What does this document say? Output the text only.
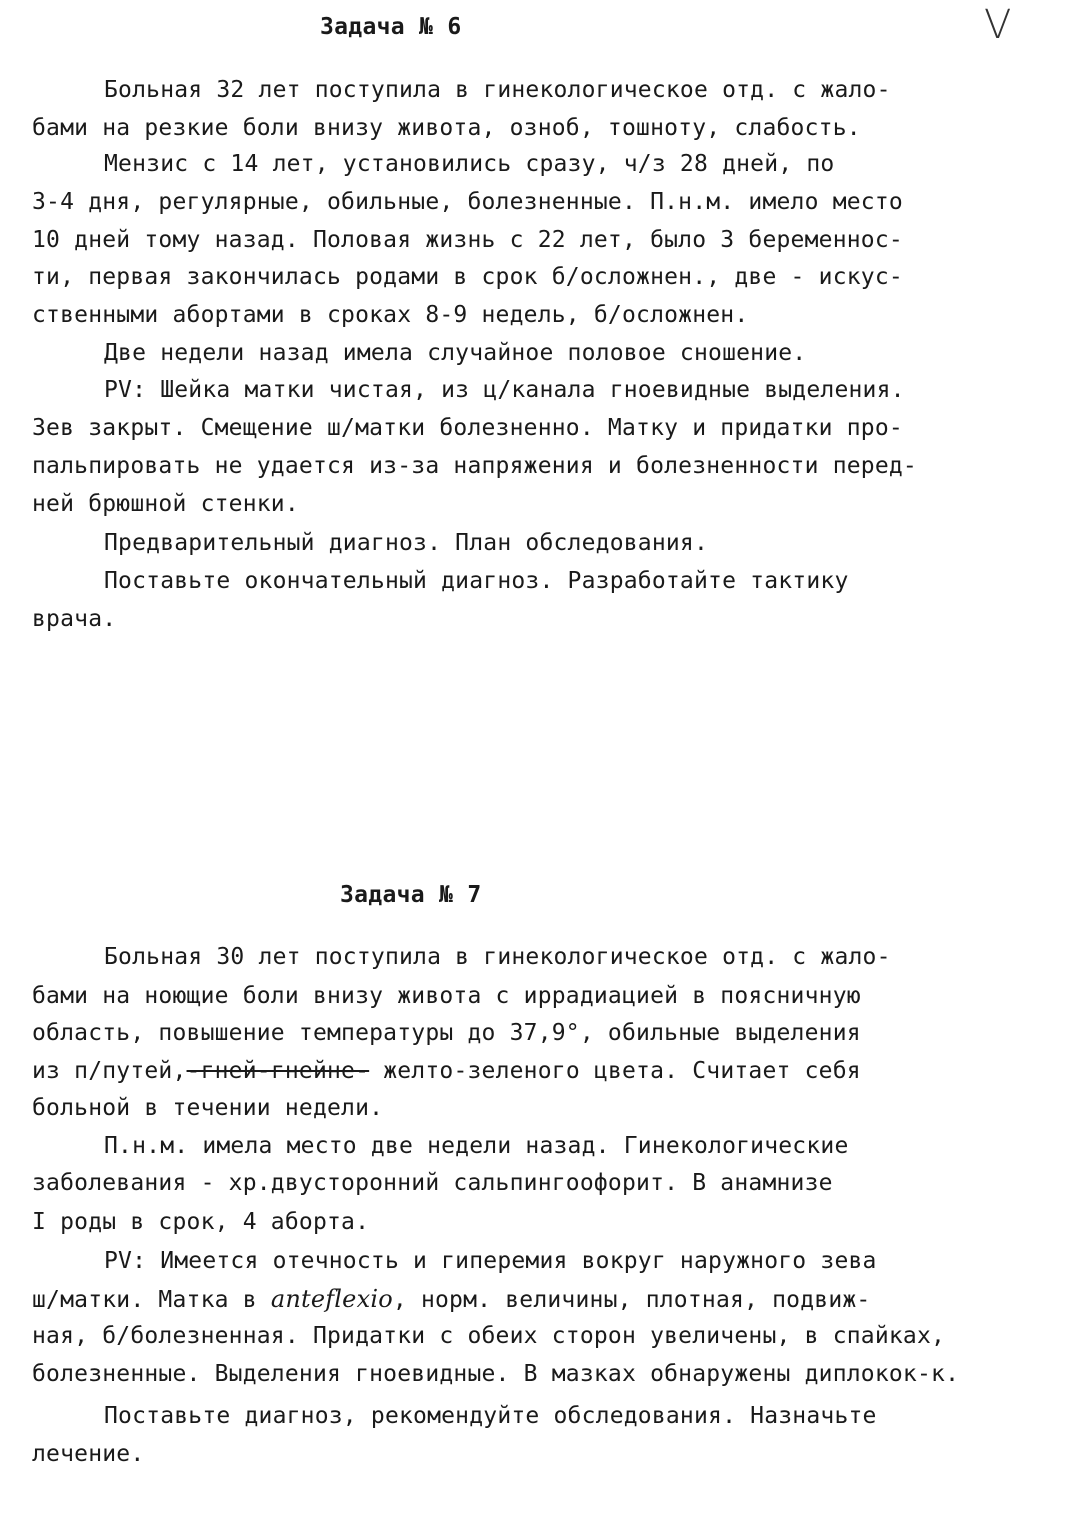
V
Задача № 6
Больная 32 лет поступила в гинекологическое отд. с жало-
бами на резкие боли внизу живота, озноб, тошноту, слабость.
Мензис с 14 лет, установились сразу, ч/з 28 дней, по
3-4 дня, регулярные, обильные, болезненные. П.н.м. имело место
10 дней тому назад. Половая жизнь с 22 лет, было 3 беременнос-
ти, первая закончилась родами в срок б/осложнен., две - искус-
ственными абортами в сроках 8-9 недель, б/осложнен.
Две недели назад имела случайное половое сношение.
PV: Шейка матки чистая, из ц/канала гноевидные выделения.
Зев закрыт. Смещение ш/матки болезненно. Матку и придатки про-
пальпировать не удается из-за напряжения и болезненности перед-
ней брюшной стенки.
Предварительный диагноз. План обследования.
Поставьте окончательный диагноз. Разработайте тактику
врача.
Задача № 7
Больная 30 лет поступила в гинекологическое отд. с жало-
бами на ноющие боли внизу живота с иррадиацией в поясничную
область, повышение температуры до 37,9°, обильные выделения
из п/путей,-гней-гнейне- желто-зеленого цвета. Считает себя
больной в течении недели.
П.н.м. имела место две недели назад. Гинекологические
заболевания - хр.двусторонний сальпингоофорит. В анамнизе
I роды в срок, 4 аборта.
PV: Имеется отечность и гиперемия вокруг наружного зева
ш/матки. Матка в anteflexio, норм. величины, плотная, подвиж-
ная, б/болезненная. Придатки с обеих сторон увеличены, в спайках,
болезненные. Выделения гноевидные. В мазках обнаружены диплокок-к.
Поставьте диагноз, рекомендуйте обследования. Назначьте
лечение.
